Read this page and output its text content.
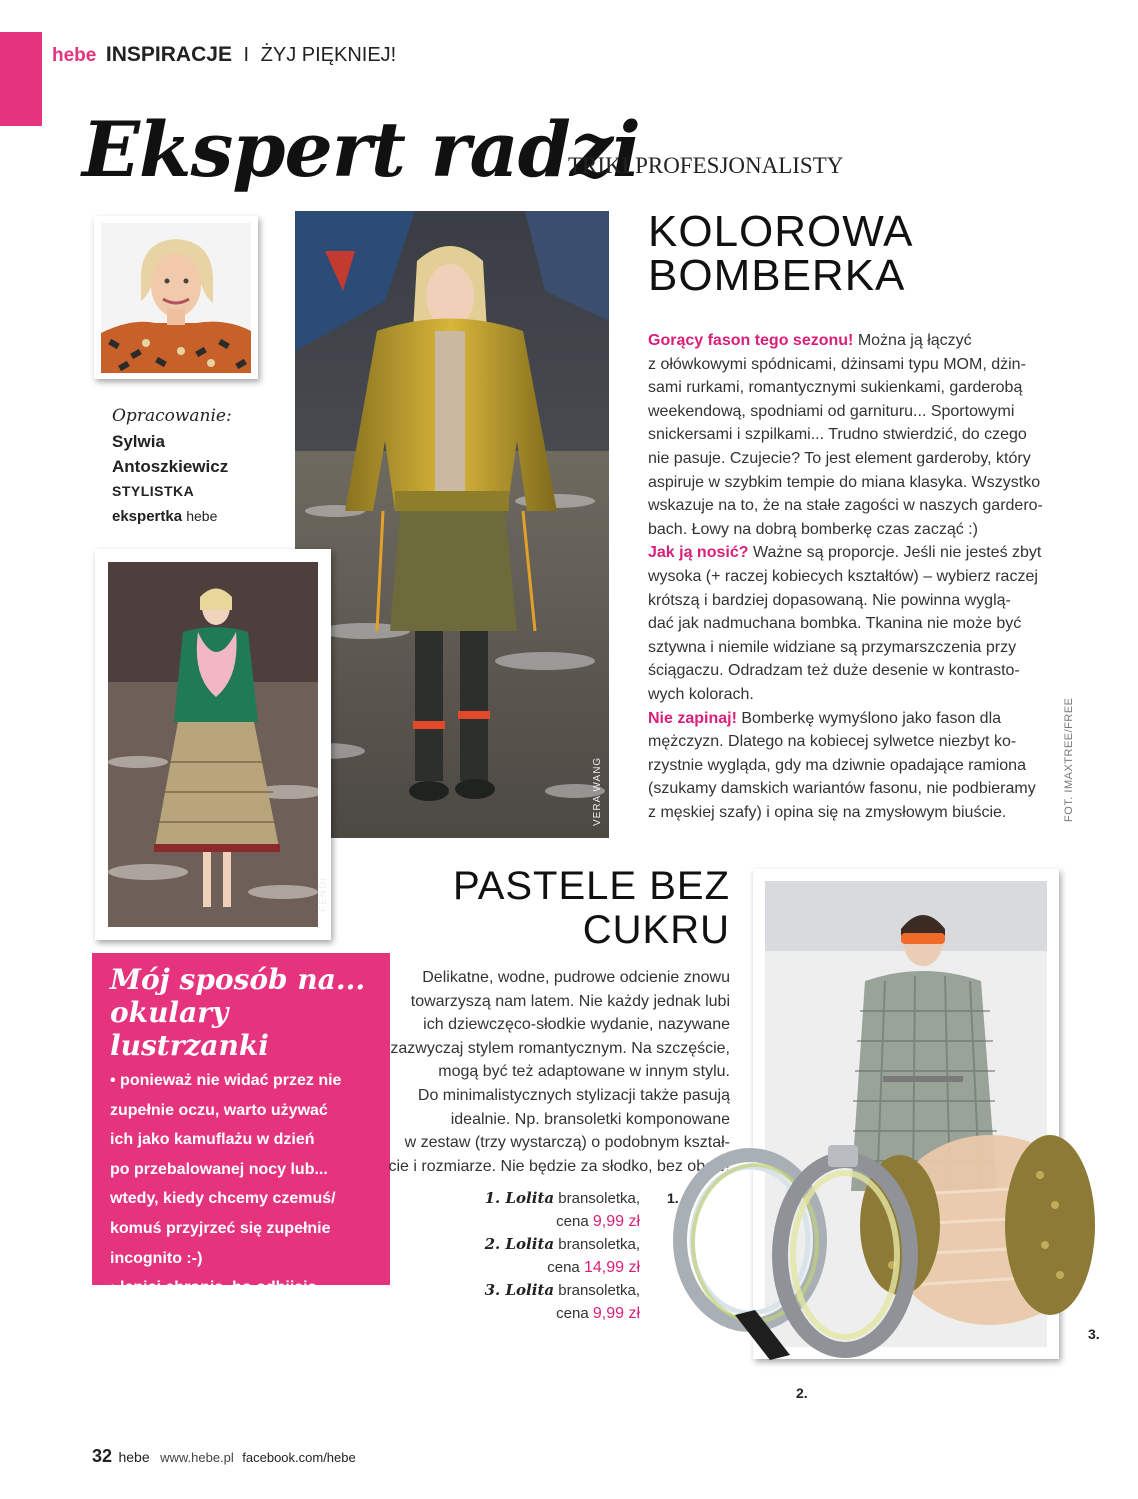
hebe INSPIRACJE I ŻYJ PIĘKNIEJ!
Ekspert radzi
TRIKI PROFESJONALISTY
Opracowanie:
Sylwia
Antoszkiewicz
STYLISTKA
ekspertka hebe
VERA WANG
FENDI
KOLOROWA
BOMBERKA
Gorący fason tego sezonu! Można ją łączyć
z ołówkowymi spódnicami, dżinsami typu MOM, dżin-
sami rurkami, romantycznymi sukienkami, garderobą
weekendową, spodniami od garnituru... Sportowymi
snickersami i szpilkami... Trudno stwierdzić, do czego
nie pasuje. Czujecie? To jest element garderoby, który
aspiruje w szybkim tempie do miana klasyka. Wszystko
wskazuje na to, że na stałe zagości w naszych gardero-
bach. Łowy na dobrą bomberkę czas zacząć :)
Jak ją nosić? Ważne są proporcje. Jeśli nie jesteś zbyt
wysoka (+ raczej kobiecych kształtów) – wybierz raczej
krótszą i bardziej dopasowaną. Nie powinna wyglą-
dać jak nadmuchana bombka. Tkanina nie może być
sztywna i niemile widziane są przymarszczenia przy
ściągaczu. Odradzam też duże desenie w kontrasto-
wych kolorach.
Nie zapinaj! Bomberkę wymyślono jako fason dla
mężczyzn. Dlatego na kobiecej sylwetce niezbyt ko-
rzystnie wygląda, gdy ma dziwnie opadające ramiona
(szukamy damskich wariantów fasonu, nie podbieramy
z męskiej szafy) i opina się na zmysłowym biuście.	FOT. IMAXTREE/FREE
Mój sposób na...
okulary
lustrzanki
• ponieważ nie widać przez nie
zupełnie oczu, warto używać
ich jako kamuflażu w dzień
po przebalowanej nocy lub...
wtedy, kiedy chcemy czemuś/
komuś przyjrzeć się zupełnie
incognito :-)
• lepiej chronią, bo odbijają
promienie. Najlepsze na spa-
cer w pełnym słońcu.
PASTELE BEZ
CUKRU
Delikatne, wodne, pudrowe odcienie znowu
towarzyszą nam latem. Nie każdy jednak lubi
ich dziewczęco-słodkie wydanie, nazywane
zazwyczaj stylem romantycznym. Na szczęście,
mogą być też adaptowane w innym stylu.
Do minimalistycznych stylizacji także pasują
idealnie. Np. bransoletki komponowane
w zestaw (trzy wystarczą) o podobnym kształ-
cie i rozmiarze. Nie będzie za słodko, bez obaw!
1. Lolita bransoletka,
cena 9,99 zł
2. Lolita bransoletka,
cena 14,99 zł
3. Lolita bransoletka,
cena 9,99 zł
1.
2.
3.
32 hebe www.hebe.pl facebook.com/hebe
